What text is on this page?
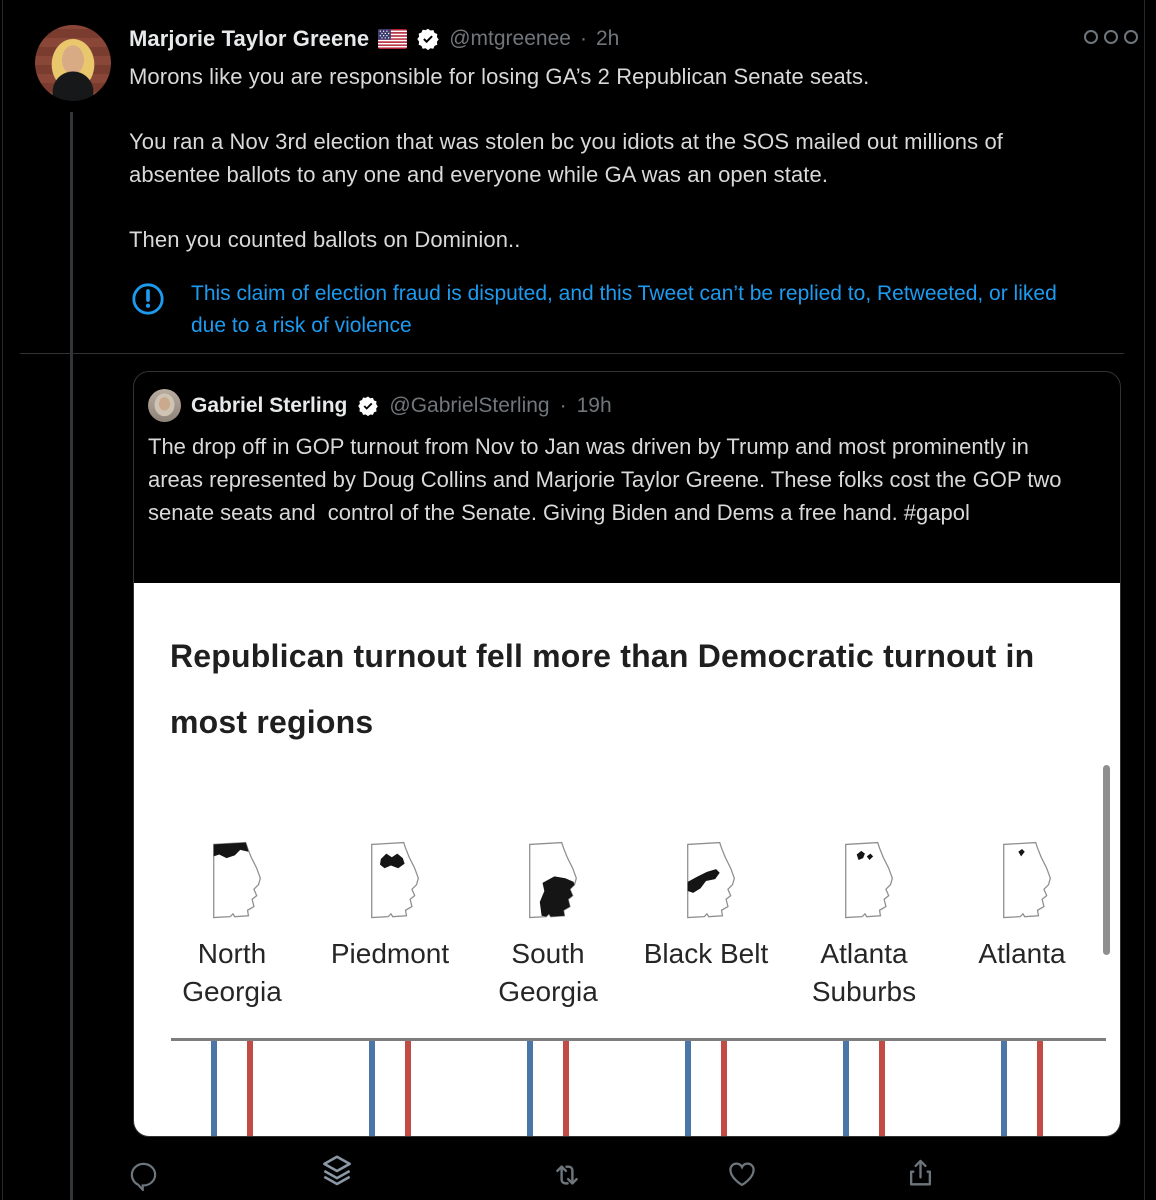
Marjorie Taylor Greene	@mtgreenee · 2h

Morons like you are responsible for losing GA’s 2 Republican Senate seats.

You ran a Nov 3rd election that was stolen bc you idiots at the SOS mailed out millions of absentee ballots to any one and everyone while GA was an open state.

Then you counted ballots on Dominion..

This claim of election fraud is disputed, and this Tweet can’t be replied to, Retweeted, or liked due to a risk of violence
Gabriel Sterling @GabrielSterling · 19h
The drop off in GOP turnout from Nov to Jan was driven by Trump and most prominently in areas represented by Doug Collins and Marjorie Taylor Greene. These folks cost the GOP two senate seats and  control of the Senate. Giving Biden and Dems a free hand. #gapol
Republican turnout fell more than Democratic turnout in most regions
North Georgia
Piedmont	South Georgia
Black Belt	Atlanta Suburbs
Atlanta
